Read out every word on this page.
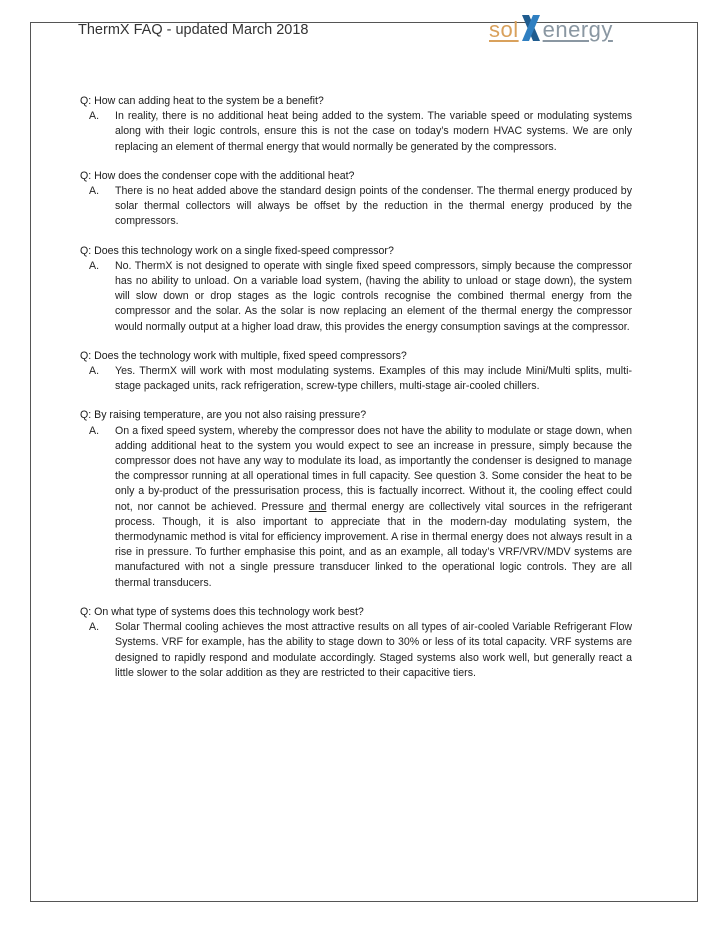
ThermX FAQ - updated March 2018	sol energy

Q: How can adding heat to the system be a benefit?

A.	In reality, there is no additional heat being added to the system. The variable speed or modulating systems along with their logic controls, ensure this is not the case on today’s modern HVAC systems. We are only replacing an element of thermal energy that would normally be generated by the compressors.

Q: How does the condenser cope with the additional heat?

A.	There is no heat added above the standard design points of the condenser. The thermal energy produced by solar thermal collectors will always be offset by the reduction in the thermal energy produced by the compressors.

Q: Does this technology work on a single fixed-speed compressor?

A.	No. ThermX is not designed to operate with single fixed speed compressors, simply because the compressor has no ability to unload. On a variable load system, (having the ability to unload or stage down), the system will slow down or drop stages as the logic controls recognise the combined thermal energy from the compressor and the solar. As the solar is now replacing an element of the thermal energy the compressor would normally output at a higher load draw, this provides the energy consumption savings at the compressor.

Q: Does the technology work with multiple, fixed speed compressors?

A.	Yes. ThermX will work with most modulating systems. Examples of this may include Mini/Multi splits, multi-stage packaged units, rack refrigeration, screw-type chillers, multi-stage air-cooled chillers.

Q: By raising temperature, are you not also raising pressure?

A.	On a fixed speed system, whereby the compressor does not have the ability to modulate or stage down, when adding additional heat to the system you would expect to see an increase in pressure, simply because the compressor does not have any way to modulate its load, as importantly the condenser is designed to manage the compressor running at all operational times in full capacity. See question 3. Some consider the heat to be only a by-product of the pressurisation process, this is factually incorrect. Without it, the cooling effect could not, nor cannot be achieved. Pressure and thermal energy are collectively vital sources in the refrigerant process. Though, it is also important to appreciate that in the modern-day modulating system, the thermodynamic method is vital for efficiency improvement. A rise in thermal energy does not always result in a rise in pressure. To further emphasise this point, and as an example, all today’s VRF/VRV/MDV systems are manufactured with not a single pressure transducer linked to the operational logic controls. They are all thermal transducers.

Q: On what type of systems does this technology work best?

A.	Solar Thermal cooling achieves the most attractive results on all types of air-cooled Variable Refrigerant Flow Systems. VRF for example, has the ability to stage down to 30% or less of its total capacity. VRF systems are designed to rapidly respond and modulate accordingly. Staged systems also work well, but generally react a little slower to the solar addition as they are restricted to their capacitive tiers.
